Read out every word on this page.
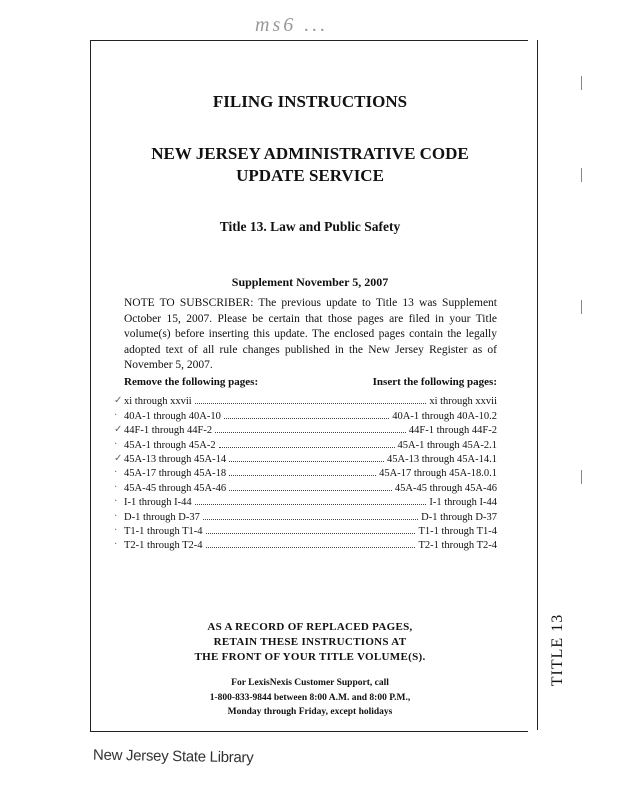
ms6 ...
TITLE 13
FILING INSTRUCTIONS
NEW JERSEY ADMINISTRATIVE CODE
UPDATE SERVICE
Title 13. Law and Public Safety
Supplement November 5, 2007
NOTE TO SUBSCRIBER: The previous update to Title 13 was Supplement October 15, 2007. Please be certain that those pages are filed in your Title volume(s) before inserting this update. The enclosed pages contain the legally adopted text of all rule changes published in the New Jersey Register as of November 5, 2007.
Remove the following pages:	Insert the following pages:
✓ xi through xxvii	xi through xxvii
· 40A-1 through 40A-10	40A-1 through 40A-10.2
✓ 44F-1 through 44F-2	44F-1 through 44F-2
· 45A-1 through 45A-2	45A-1 through 45A-2.1
✓ 45A-13 through 45A-14	45A-13 through 45A-14.1
· 45A-17 through 45A-18	45A-17 through 45A-18.0.1
· 45A-45 through 45A-46	45A-45 through 45A-46
· I-1 through I-44	I-1 through I-44
· D-1 through D-37	D-1 through D-37
· T1-1 through T1-4	T1-1 through T1-4
· T2-1 through T2-4	T2-1 through T2-4
AS A RECORD OF REPLACED PAGES,
RETAIN THESE INSTRUCTIONS AT
THE FRONT OF YOUR TITLE VOLUME(S).
For LexisNexis Customer Support, call
1-800-833-9844 between 8:00 A.M. and 8:00 P.M.,
Monday through Friday, except holidays
New Jersey State Library
